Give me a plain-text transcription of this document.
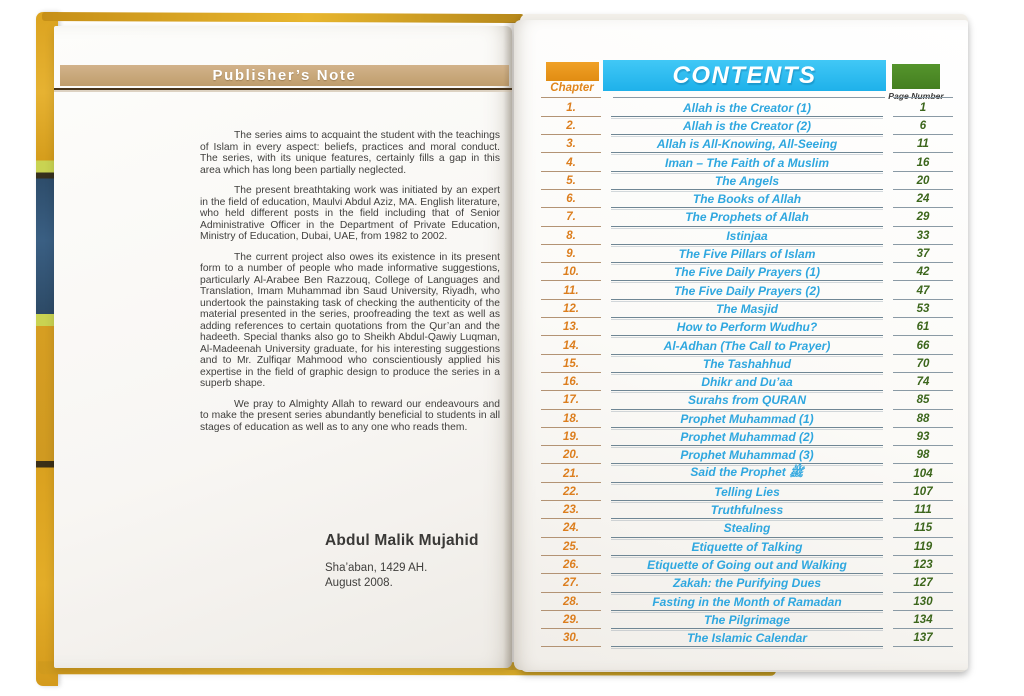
Publisher’s Note

The series aims to acquaint the student with the teachings of Islam in every aspect: beliefs, practices and moral conduct. The series, with its unique features, certainly fills a gap in this area which has long been partially neglected.

The present breathtaking work was initiated by an expert in the field of education, Maulvi Abdul Aziz, MA. English literature, who held different posts in the field including that of Senior Administrative Officer in the Department of Private Education, Ministry of Education, Dubai, UAE, from 1982 to 2002.

The current project also owes its existence in its present form to a number of people who made informative suggestions, particularly Al-Arabee Ben Razzouq, College of Languages and Translation, Imam Muhammad ibn Saud University, Riyadh, who undertook the painstaking task of checking the authenticity of the material presented in the series, proofreading the text as well as adding references to certain quotations from the Qur’an and the hadeeth. Special thanks also go to Sheikh Abdul-Qawiy Luqman, Al-Madeenah University graduate, for his interesting suggestions and to Mr. Zulfiqar Mahmood who conscientiously applied his expertise in the field of graphic design to produce the series in a superb shape.

We pray to Almighty Allah to reward our endeavours and to make the present series abundantly beneficial to students in all stages of education as well as to any one who reads them.

Abdul Malik Mujahid
Sha’aban, 1429 AH.
August 2008.
Chapter	CONTENTS
Page Number
1.	Allah is the Creator (1)	1
2.	Allah is the Creator (2)	6
3.	Allah is All-Knowing, All-Seeing	11
4.	Iman – The Faith of a Muslim	16
5.	The Angels	20
6.	The Books of Allah	24
7.	The Prophets of Allah	29
8.	Istinjaa	33
9.	The Five Pillars of Islam	37
10.	The Five Daily Prayers (1)	42
11.	The Five Daily Prayers (2)	47
12.	The Masjid	53
13.	How to Perform Wudhu?	61
14.	Al-Adhan (The Call to Prayer)	66
15.	The Tashahhud	70
16.	Dhikr and Du’aa	74
17.	Surahs from QURAN	85
18.	Prophet Muhammad (1)	88
19.	Prophet Muhammad (2)	93
20.	Prophet Muhammad (3)	98
21.	Said the Prophet ﷺ	104
22.	Telling Lies	107
23.	Truthfulness	111
24.	Stealing	115
25.	Etiquette of Talking	119
26.	Etiquette of Going out and Walking	123
27.	Zakah: the Purifying Dues	127
28.	Fasting in the Month of Ramadan	130
29.	The Pilgrimage	134
30.	The Islamic Calendar	137
